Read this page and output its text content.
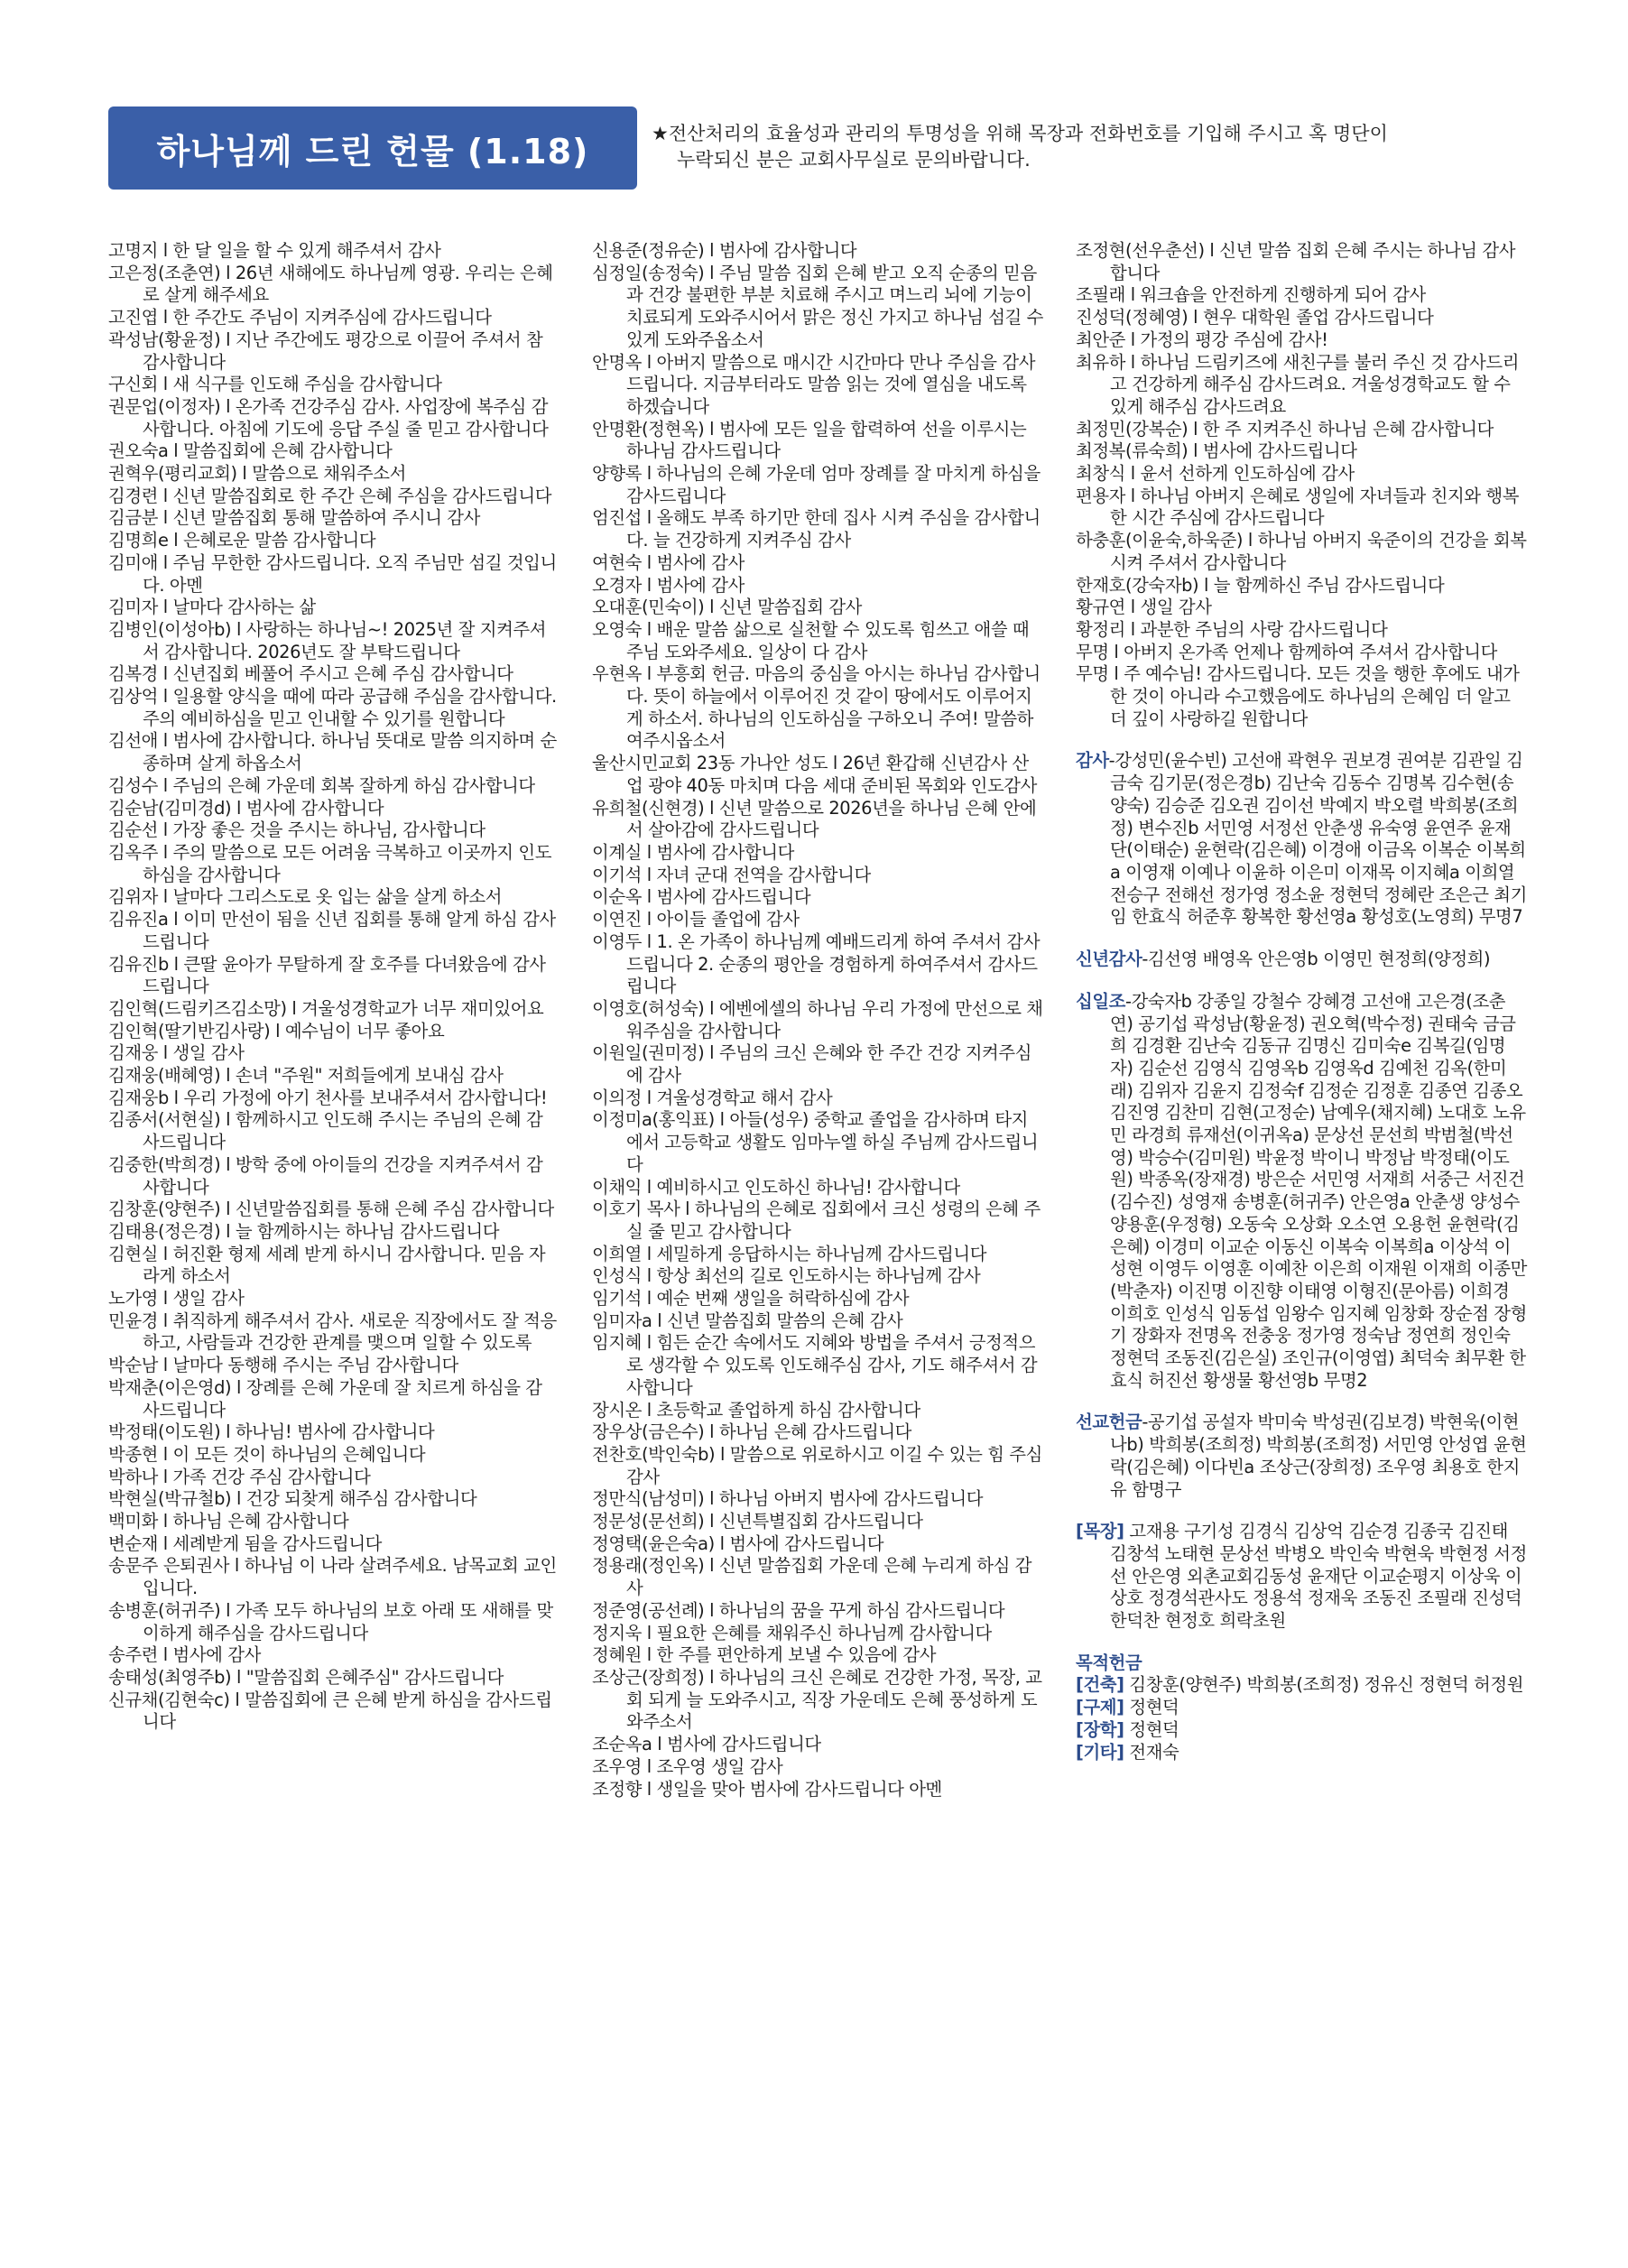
하나님께 드린 헌물 (1.18)	★전산처리의 효율성과 관리의 투명성을 위해 목장과 전화번호를 기입해 주시고 혹 명단이
누락되신 분은 교회사무실로 문의바랍니다.

고명지 l 한 달 일을 할 수 있게 해주셔서 감사

고은정(조춘연) l 26년 새해에도 하나님께 영광. 우리는 은혜로 살게 해주세요

고진엽 l 한 주간도 주님이 지켜주심에 감사드립니다

곽성남(황윤정) l 지난 주간에도 평강으로 이끌어 주셔서 참 감사합니다

구신회 l 새 식구를 인도해 주심을 감사합니다

권문업(이정자) l 온가족 건강주심 감사. 사업장에 복주심 감사합니다. 아침에 기도에 응답 주실 줄 믿고 감사합니다

권오숙a l 말씀집회에 은혜 감사합니다

권혁우(평리교회) l 말씀으로 채워주소서

김경련 l 신년 말씀집회로 한 주간 은혜 주심을 감사드립니다

김금분 l 신년 말씀집회 통해 말씀하여 주시니 감사

김명희e l 은혜로운 말씀 감사합니다

김미애 l 주님 무한한 감사드립니다. 오직 주님만 섬길 것입니다. 아멘

김미자 l 날마다 감사하는 삶

김병인(이성아b) l 사랑하는 하나님~! 2025년 잘 지켜주셔서 감사합니다. 2026년도 잘 부탁드립니다

김복경 l 신년집회 베풀어 주시고 은혜 주심 감사합니다

김상억 l 일용할 양식을 때에 따라 공급해 주심을 감사합니다. 주의 예비하심을 믿고 인내할 수 있기를 원합니다

김선애 l 범사에 감사합니다. 하나님 뜻대로 말씀 의지하며 순종하며 살게 하옵소서

김성수 l 주님의 은혜 가운데 회복 잘하게 하심 감사합니다

김순남(김미경d) l 범사에 감사합니다

김순선 l 가장 좋은 것을 주시는 하나님, 감사합니다

김옥주 l 주의 말씀으로 모든 어려움 극복하고 이곳까지 인도하심을 감사합니다

김위자 l 날마다 그리스도로 옷 입는 삶을 살게 하소서

김유진a l 이미 만선이 됨을 신년 집회를 통해 알게 하심 감사드립니다

김유진b l 큰딸 윤아가 무탈하게 잘 호주를 다녀왔음에 감사드립니다

김인혁(드림키즈김소망) l 겨울성경학교가 너무 재미있어요

김인혁(딸기반김사랑) l 예수님이 너무 좋아요

김재웅 l 생일 감사

김재웅(배혜영) l 손녀 "주원" 저희들에게 보내심 감사

김재웅b l 우리 가정에 아기 천사를 보내주셔서 감사합니다!

김종서(서현실) l 함께하시고 인도해 주시는 주님의 은혜 감사드립니다

김중한(박희경) l 방학 중에 아이들의 건강을 지켜주셔서 감사합니다

김창훈(양현주) l 신년말씀집회를 통해 은혜 주심 감사합니다

김태용(정은경) l 늘 함께하시는 하나님 감사드립니다

김현실 l 허진환 형제 세례 받게 하시니 감사합니다. 믿음 자라게 하소서

노가영 l 생일 감사

민윤경 l 취직하게 해주셔서 감사. 새로운 직장에서도 잘 적응하고, 사람들과 건강한 관계를 맺으며 일할 수 있도록

박순남 l 날마다 동행해 주시는 주님 감사합니다

박재춘(이은영d) l 장례를 은혜 가운데 잘 치르게 하심을 감사드립니다

박정태(이도원) l 하나님! 범사에 감사합니다

박종현 l 이 모든 것이 하나님의 은혜입니다

박하나 l 가족 건강 주심 감사합니다

박현실(박규철b) l 건강 되찾게 해주심 감사합니다

백미화 l 하나님 은혜 감사합니다

변순재 l 세례받게 됨을 감사드립니다

송문주 은퇴권사 l 하나님 이 나라 살려주세요. 남목교회 교인입니다.

송병훈(허귀주) l 가족 모두 하나님의 보호 아래 또 새해를 맞이하게 해주심을 감사드립니다

송주련 l 범사에 감사

송태성(최영주b) l "말씀집회 은혜주심" 감사드립니다

신규채(김현숙c) l 말씀집회에 큰 은혜 받게 하심을 감사드립니다

신용준(정유순) l 범사에 감사합니다

심정일(송정숙) l 주님 말씀 집회 은혜 받고 오직 순종의 믿음과 건강 불편한 부분 치료해 주시고 며느리 뇌에 기능이 치료되게 도와주시어서 맑은 정신 가지고 하나님 섬길 수 있게 도와주옵소서

안명옥 l 아버지 말씀으로 매시간 시간마다 만나 주심을 감사드립니다. 지금부터라도 말씀 읽는 것에 열심을 내도록 하겠습니다

안명환(정현옥) l 범사에 모든 일을 합력하여 선을 이루시는 하나님 감사드립니다

양향록 l 하나님의 은혜 가운데 엄마 장례를 잘 마치게 하심을 감사드립니다

엄진섭 l 올해도 부족 하기만 한데 집사 시켜 주심을 감사합니다. 늘 건강하게 지켜주심 감사

여현숙 l 범사에 감사

오경자 l 범사에 감사

오대훈(민숙이) l 신년 말씀집회 감사

오영숙 l 배운 말씀 삶으로 실천할 수 있도록 힘쓰고 애쓸 때 주님 도와주세요. 일상이 다 감사

우현옥 l 부흥회 헌금. 마음의 중심을 아시는 하나님 감사합니다. 뜻이 하늘에서 이루어진 것 같이 땅에서도 이루어지게 하소서. 하나님의 인도하심을 구하오니 주여! 말씀하여주시옵소서

울산시민교회 23동 가나안 성도 l 26년 환갑해 신년감사 산업 광야 40동 마치며 다음 세대 준비된 목회와 인도감사

유희철(신현경) l 신년 말씀으로 2026년을 하나님 은혜 안에서 살아감에 감사드립니다

이계실 l 범사에 감사합니다

이기석 l 자녀 군대 전역을 감사합니다

이순옥 l 범사에 감사드립니다

이연진 l 아이들 졸업에 감사

이영두 l 1. 온 가족이 하나님께 예배드리게 하여 주셔서 감사드립니다 2. 순종의 평안을 경험하게 하여주셔서 감사드립니다

이영호(허성숙) l 에벤에셀의 하나님 우리 가정에 만선으로 채워주심을 감사합니다

이원일(권미정) l 주님의 크신 은혜와 한 주간 건강 지켜주심에 감사

이의정 l 겨울성경학교 해서 감사

이정미a(홍익표) l 아들(성우) 중학교 졸업을 감사하며 타지에서 고등학교 생활도 임마누엘 하실 주님께 감사드립니다

이채익 l 예비하시고 인도하신 하나님! 감사합니다

이호기 목사 l 하나님의 은혜로 집회에서 크신 성령의 은혜 주실 줄 믿고 감사합니다

이희열 l 세밀하게 응답하시는 하나님께 감사드립니다

인성식 l 항상 최선의 길로 인도하시는 하나님께 감사

임기석 l 예순 번째 생일을 허락하심에 감사

임미자a l 신년 말씀집회 말씀의 은혜 감사

임지혜 l 힘든 순간 속에서도 지혜와 방법을 주셔서 긍정적으로 생각할 수 있도록 인도해주심 감사, 기도 해주셔서 감사합니다

장시온 l 초등학교 졸업하게 하심 감사합니다

장우상(금은수) l 하나님 은혜 감사드립니다

전찬호(박인숙b) l 말씀으로 위로하시고 이길 수 있는 힘 주심 감사

정만식(남성미) l 하나님 아버지 범사에 감사드립니다

정문성(문선희) l 신년특별집회 감사드립니다

정영택(윤은숙a) l 범사에 감사드립니다

정용래(정인옥) l 신년 말씀집회 가운데 은혜 누리게 하심 감사

정준영(공선례) l 하나님의 꿈을 꾸게 하심 감사드립니다

정지욱 l 필요한 은혜를 채워주신 하나님께 감사합니다

정혜원 l 한 주를 편안하게 보낼 수 있음에 감사

조상근(장희정) l 하나님의 크신 은혜로 건강한 가정, 목장, 교회 되게 늘 도와주시고, 직장 가운데도 은혜 풍성하게 도와주소서

조순옥a l 범사에 감사드립니다

조우영 l 조우영 생일 감사

조정향 l 생일을 맞아 범사에 감사드립니다 아멘

조정현(선우춘선) l 신년 말씀 집회 은혜 주시는 하나님 감사합니다

조필래 l 워크숍을 안전하게 진행하게 되어 감사

진성덕(정혜영) l 현우 대학원 졸업 감사드립니다

최안준 l 가정의 평강 주심에 감사!

최유하 l 하나님 드림키즈에 새친구를 불러 주신 것 감사드리고 건강하게 해주심 감사드려요. 겨울성경학교도 할 수 있게 해주심 감사드려요

최정민(강복순) l 한 주 지켜주신 하나님 은혜 감사합니다

최정복(류숙희) l 범사에 감사드립니다

최창식 l 윤서 선하게 인도하심에 감사

편용자 l 하나님 아버지 은혜로 생일에 자녀들과 친지와 행복한 시간 주심에 감사드립니다

하충훈(이윤숙,하욱준) l 하나님 아버지 욱준이의 건강을 회복 시켜 주셔서 감사합니다

한재호(강숙자b) l 늘 함께하신 주님 감사드립니다

황규연 l 생일 감사

황정리 l 과분한 주님의 사랑 감사드립니다

무명 l 아버지 온가족 언제나 함께하여 주셔서 감사합니다

무명 l 주 예수님! 감사드립니다. 모든 것을 행한 후에도 내가 한 것이 아니라 수고했음에도 하나님의 은혜임 더 알고 더 깊이 사랑하길 원합니다

감사-강성민(윤수빈) 고선애 곽현우 권보경 권여분 김관일 김금숙 김기문(정은경b) 김난숙 김동수 김명복 김수현(송양숙) 김승준 김오권 김이선 박예지 박오렬 박희봉(조희정) 변수진b 서민영 서정선 안춘생 유숙영 윤연주 윤재단(이태순) 윤현락(김은혜) 이경애 이금옥 이복순 이복희a 이영재 이예나 이윤하 이은미 이재목 이지혜a 이희열 전승구 전해선 정가영 정소윤 정현덕 정혜란 조은근 최기임 한효식 허준후 황복한 황선영a 황성호(노영희) 무명7

신년감사-김선영 배영옥 안은영b 이영민 현정희(양정희)

십일조-강숙자b 강종일 강철수 강혜경 고선애 고은경(조춘연) 공기섭 곽성남(황윤정) 권오혁(박수정) 권태숙 금금희 김경환 김난숙 김동규 김명신 김미숙e 김복길(임명자) 김순선 김영식 김영옥b 김영옥d 김예천 김옥(한미래) 김위자 김윤지 김정숙f 김정순 김정훈 김종연 김종오 김진영 김찬미 김현(고정순) 남예우(채지혜) 노대호 노유민 라경희 류재선(이귀옥a) 문상선 문선희 박범철(박선영) 박승수(김미원) 박윤정 박이니 박정남 박정태(이도원) 박종옥(장재경) 방은순 서민영 서재희 서중근 서진건(김수진) 성영재 송병훈(허귀주) 안은영a 안춘생 양성수 양용훈(우정형) 오동숙 오상화 오소연 오용헌 윤현락(김은혜) 이경미 이교순 이동신 이복숙 이복희a 이상석 이성현 이영두 이영훈 이예찬 이은희 이재원 이재희 이종만(박춘자) 이진명 이진향 이태영 이형진(문아름) 이희경 이희호 인성식 임동섭 임왕수 임지혜 임창화 장순점 장형기 장화자 전명옥 전충웅 정가영 정숙남 정연희 정인숙 정현덕 조동진(김은실) 조인규(이영엽) 최덕숙 최무환 한효식 허진선 황생물 황선영b 무명2

선교헌금-공기섭 공설자 박미숙 박성권(김보경) 박현욱(이현나b) 박희봉(조희정) 박희봉(조희정) 서민영 안성엽 윤현락(김은혜) 이다빈a 조상근(장희정) 조우영 최용호 한지유 함명구

[목장] 고재용 구기성 김경식 김상억 김순경 김종국 김진태 김창석 노태현 문상선 박병오 박인숙 박현욱 박현정 서정선 안은영 외촌교회김동성 윤재단 이교순평지 이상욱 이상호 정경석관사도 정용석 정재욱 조동진 조필래 진성덕 한덕찬 현정호 희락초원

목적헌금

[건축] 김창훈(양현주) 박희봉(조희정) 정유신 정현덕 허정원

[구제] 정현덕

[장학] 정현덕

[기타] 전재숙
